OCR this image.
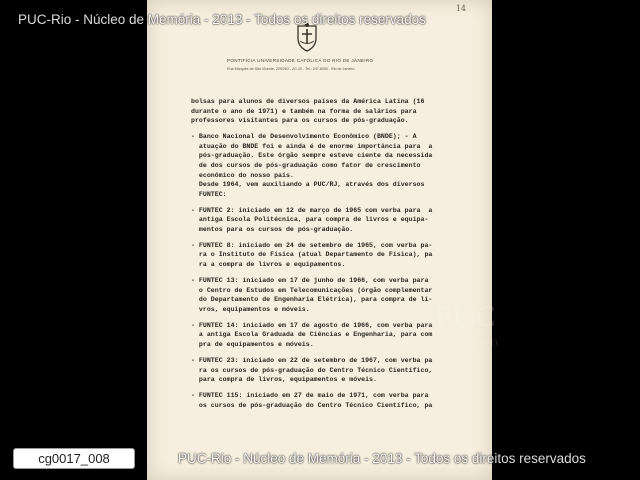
14
PONTIFÍCIA UNIVERSIDADE CATÓLICA DO RIO DE JANEIRO
Rua Marquês de São Vicente, 209/263 - ZC-20 - Tel.: 247-6050 - Rio de Janeiro
bolsas para alunos de diversos países da América Latina (16
durante o ano de 1971) e também na forma de salários para
professores visitantes para os cursos de pós-graduação.
- Banco Nacional de Desenvolvimento Econômico (BNDE); - A
atuação do BNDE foi e ainda é de enorme importância para  a
pós-graduação. Este órgão sempre esteve ciente da necessida
de dos cursos de pós-graduação como fator de crescimento
econômico do nosso país.
Desde 1964, vem auxiliando a PUC/RJ, através dos diversos
FUNTEC:
- FUNTEC 2: iniciado em 12 de março de 1965 com verba para  a
antiga Escola Politécnica, para compra de livros e equipa-
mentos para os cursos de pós-graduação.
- FUNTEC 8: iniciado em 24 de setembro de 1965, com verba pa-
ra o Instituto de Física (atual Departamento de Física), pa
ra a compra de livros e equipamentos.
- FUNTEC 13: iniciado em 17 de junho de 1966, com verba para
o Centro de Estudos em Telecomunicações (órgão complementar
do Departamento de Engenharia Elétrica), para compra de li-
vros, equipamentos e móveis.
- FUNTEC 14: iniciado em 17 de agosto de 1966, com verba para
a antiga Escola Graduada de Ciências e Engenharia, para com
pra de equipamentos e móveis.
- FUNTEC 23: iniciado em 22 de setembro de 1967, com verba pa
ra os cursos de pós-graduação do Centro Técnico Científico,
para compra de livros, equipamentos e móveis.
- FUNTEC 115: iniciado em 27 de maio de 1971, com verba para
os cursos de pós-graduação do Centro Técnico Científico, pa
PUC
RIO
PUC-Rio - Núcleo de Memória - 2013 - Todos os direitos reservados
PUC-Rio - Núcleo de Memória - 2013 - Todos os direitos reservados
cg0017_008
